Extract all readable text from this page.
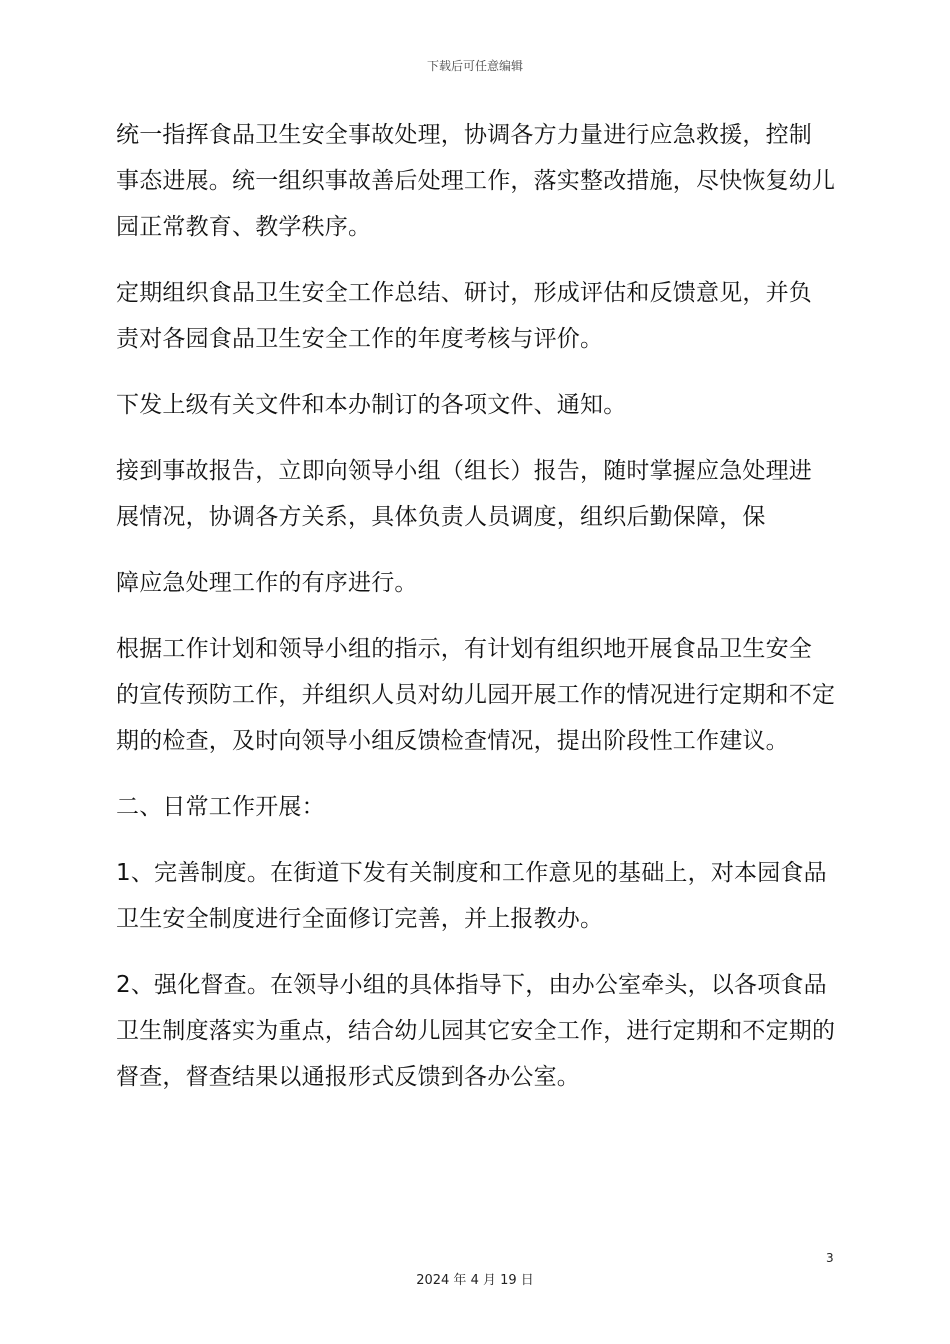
下载后可任意编辑

统一指挥食品卫生安全事故处理，协调各方力量进行应急救援，控制
事态进展。统一组织事故善后处理工作，落实整改措施，尽快恢复幼儿
园正常教育、教学秩序。

定期组织食品卫生安全工作总结、研讨，形成评估和反馈意见，并负
责对各园食品卫生安全工作的年度考核与评价。

下发上级有关文件和本办制订的各项文件、通知。

接到事故报告，立即向领导小组（组长）报告，随时掌握应急处理进
展情况，协调各方关系，具体负责人员调度，组织后勤保障，保

障应急处理工作的有序进行。

根据工作计划和领导小组的指示，有计划有组织地开展食品卫生安全
的宣传预防工作，并组织人员对幼儿园开展工作的情况进行定期和不定
期的检查，及时向领导小组反馈检查情况，提出阶段性工作建议。

二、日常工作开展：

1、完善制度。在街道下发有关制度和工作意见的基础上，对本园食品
卫生安全制度进行全面修订完善，并上报教办。

2、强化督查。在领导小组的具体指导下，由办公室牵头，以各项食品
卫生制度落实为重点，结合幼儿园其它安全工作，进行定期和不定期的
督查，督查结果以通报形式反馈到各办公室。

3
2024 年 4 月 19 日
